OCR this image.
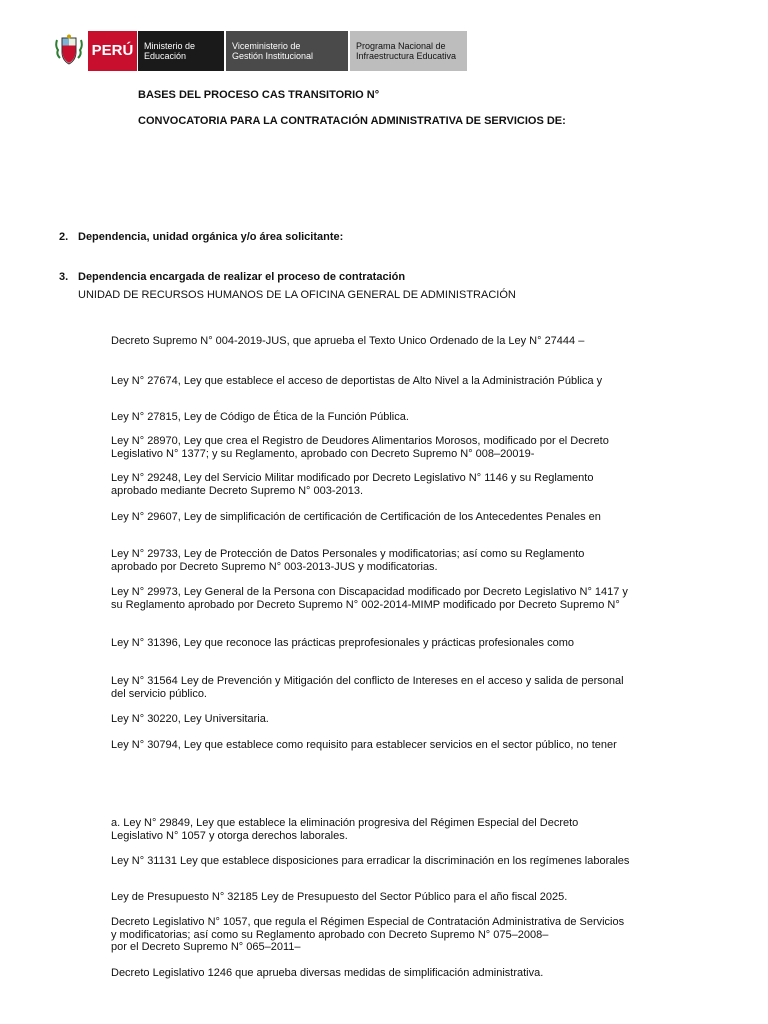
PERÚ Ministerio de
Educación
Viceministerio de
Gestión Institucional
Programa Nacional de
Infraestructura Educativa
BASES DEL PROCESO CAS TRANSITORIO N°
CONVOCATORIA PARA LA CONTRATACIÓN ADMINISTRATIVA DE SERVICIOS DE:
2. Dependencia, unidad orgánica y/o área solicitante:
3. Dependencia encargada de realizar el proceso de contratación
UNIDAD DE RECURSOS HUMANOS DE LA OFICINA GENERAL DE ADMINISTRACIÓN
Decreto Supremo N° 004-2019-JUS, que aprueba el Texto Unico Ordenado de la Ley N° 27444 –
Ley N° 27674, Ley que establece el acceso de deportistas de Alto Nivel a la Administración Pública y
Ley N° 27815, Ley de Código de Ética de la Función Pública.
Ley N° 28970, Ley que crea el Registro de Deudores Alimentarios Morosos, modificado por el Decreto
Legislativo N° 1377; y su Reglamento, aprobado con Decreto Supremo N° 008–20019-
Ley N° 29248, Ley del Servicio Militar modificado por Decreto Legislativo N° 1146 y su Reglamento
aprobado mediante Decreto Supremo N° 003-2013.
Ley N° 29607, Ley de simplificación de certificación de Certificación de los Antecedentes Penales en
Ley N° 29733, Ley de Protección de Datos Personales y modificatorias; así como su Reglamento
aprobado por Decreto Supremo N° 003-2013-JUS y modificatorias.
Ley N° 29973, Ley General de la Persona con Discapacidad modificado por Decreto Legislativo N° 1417 y
su Reglamento aprobado por Decreto Supremo N° 002-2014-MIMP modificado por Decreto Supremo N°
Ley N° 31396, Ley que reconoce las prácticas preprofesionales y prácticas profesionales como
Ley N° 31564 Ley de Prevención y Mitigación del conflicto de Intereses en el acceso y salida de personal
del servicio público.
Ley N° 30220, Ley Universitaria.
Ley N° 30794, Ley que establece como requisito para establecer servicios en el sector público, no tener
a. Ley N° 29849, Ley que establece la eliminación progresiva del Régimen Especial del Decreto
Legislativo N° 1057 y otorga derechos laborales.
Ley N° 31131 Ley que establece disposiciones para erradicar la discriminación en los regímenes laborales
Ley de Presupuesto N° 32185 Ley de Presupuesto del Sector Público para el año fiscal 2025.
Decreto Legislativo N° 1057, que regula el Régimen Especial de Contratación Administrativa de Servicios
y modificatorias; así como su Reglamento aprobado con Decreto Supremo N° 075–2008–
por el Decreto Supremo N° 065–2011–
Decreto Legislativo 1246 que aprueba diversas medidas de simplificación administrativa.
